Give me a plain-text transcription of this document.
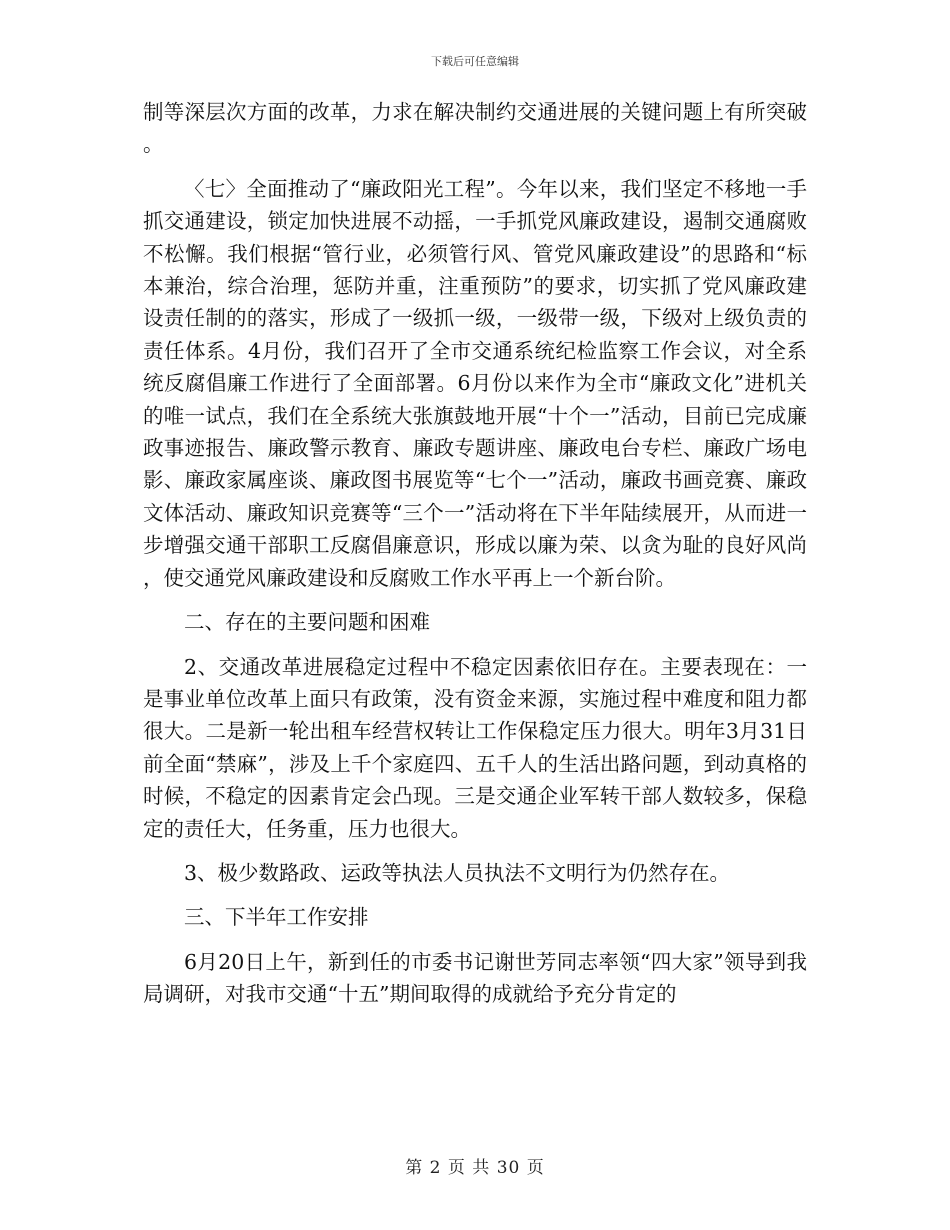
下载后可任意编辑

制等深层次方面的改革，力求在解决制约交通进展的关键问题上有所突破。

〈七〉全面推动了“廉政阳光工程”。今年以来，我们坚定不移地一手抓交通建设，锁定加快进展不动摇，一手抓党风廉政建设，遏制交通腐败不松懈。我们根据“管行业，必须管行风、管党风廉政建设”的思路和“标本兼治，综合治理，惩防并重，注重预防”的要求，切实抓了党风廉政建设责任制的的落实，形成了一级抓一级，一级带一级，下级对上级负责的责任体系。4月份，我们召开了全市交通系统纪检监察工作会议，对全系统反腐倡廉工作进行了全面部署。6月份以来作为全市“廉政文化”进机关的唯一试点，我们在全系统大张旗鼓地开展“十个一”活动，目前已完成廉政事迹报告、廉政警示教育、廉政专题讲座、廉政电台专栏、廉政广场电影、廉政家属座谈、廉政图书展览等“七个一”活动，廉政书画竞赛、廉政文体活动、廉政知识竞赛等“三个一”活动将在下半年陆续展开，从而进一步增强交通干部职工反腐倡廉意识，形成以廉为荣、以贪为耻的良好风尚，使交通党风廉政建设和反腐败工作水平再上一个新台阶。

二、存在的主要问题和困难

2、交通改革进展稳定过程中不稳定因素依旧存在。主要表现在：一是事业单位改革上面只有政策，没有资金来源，实施过程中难度和阻力都很大。二是新一轮出租车经营权转让工作保稳定压力很大。明年3月31日前全面“禁麻”，涉及上千个家庭四、五千人的生活出路问题，到动真格的时候，不稳定的因素肯定会凸现。三是交通企业军转干部人数较多，保稳定的责任大，任务重，压力也很大。

3、极少数路政、运政等执法人员执法不文明行为仍然存在。

三、下半年工作安排

6月20日上午，新到任的市委书记谢世芳同志率领“四大家”领导到我局调研，对我市交通“十五”期间取得的成就给予充分肯定的

第 2 页 共 30 页
